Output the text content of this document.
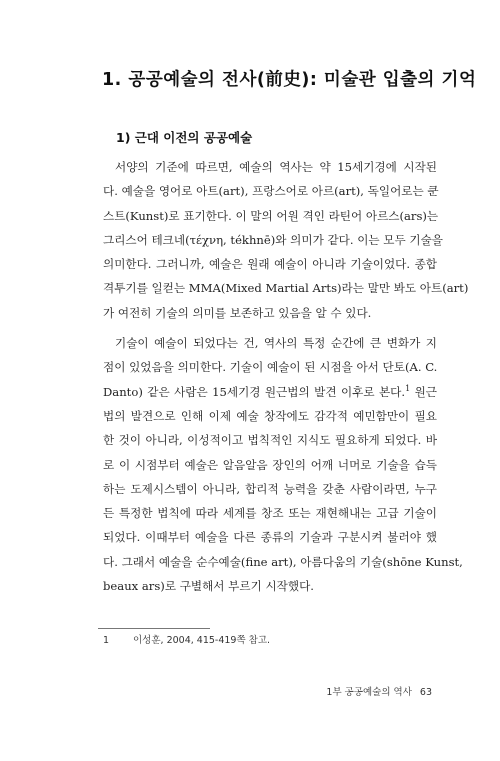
1. 공공예술의 전사(前史): 미술관 입출의 기억
1) 근대 이전의 공공예술

서양의 기준에 따르면, 예술의 역사는 약 15세기경에 시작된
다. 예술을 영어로 아트(art), 프랑스어로 아르(art), 독일어로는 쿤
스트(Kunst)로 표기한다. 이 말의 어원 격인 라틴어 아르스(ars)는
그리스어 테크네(τέχνη, tékhnē)와 의미가 같다. 이는 모두 기술을
의미한다. 그러니까, 예술은 원래 예술이 아니라 기술이었다. 종합
격투기를 일컫는 MMA(Mixed Martial Arts)라는 말만 봐도 아트(art)
가 여전히 기술의 의미를 보존하고 있음을 알 수 있다.

기술이 예술이 되었다는 건, 역사의 특정 순간에 큰 변화가 지
점이 있었음을 의미한다. 기술이 예술이 된 시점을 아서 단토(A. C.
Danto) 같은 사람은 15세기경 원근법의 발견 이후로 본다.$^1$ 원근
법의 발견으로 인해 이제 예술 창작에도 감각적 예민함만이 필요
한 것이 아니라, 이성적이고 법칙적인 지식도 필요하게 되었다. 바
로 이 시점부터 예술은 알음알음 장인의 어깨 너머로 기술을 습득
하는 도제시스템이 아니라, 합리적 능력을 갖춘 사람이라면, 누구
든 특정한 법칙에 따라 세계를 창조 또는 재현해내는 고급 기술이
되었다. 이때부터 예술을 다른 종류의 기술과 구분시켜 불러야 했
다. 그래서 예술을 순수예술(fine art), 아름다움의 기술(shōne Kunst,
beaux ars)로 구별해서 부르기 시작했다.

1	이성훈, 2004, 415-419쪽 참고.
1부 공공예술의 역사 63
